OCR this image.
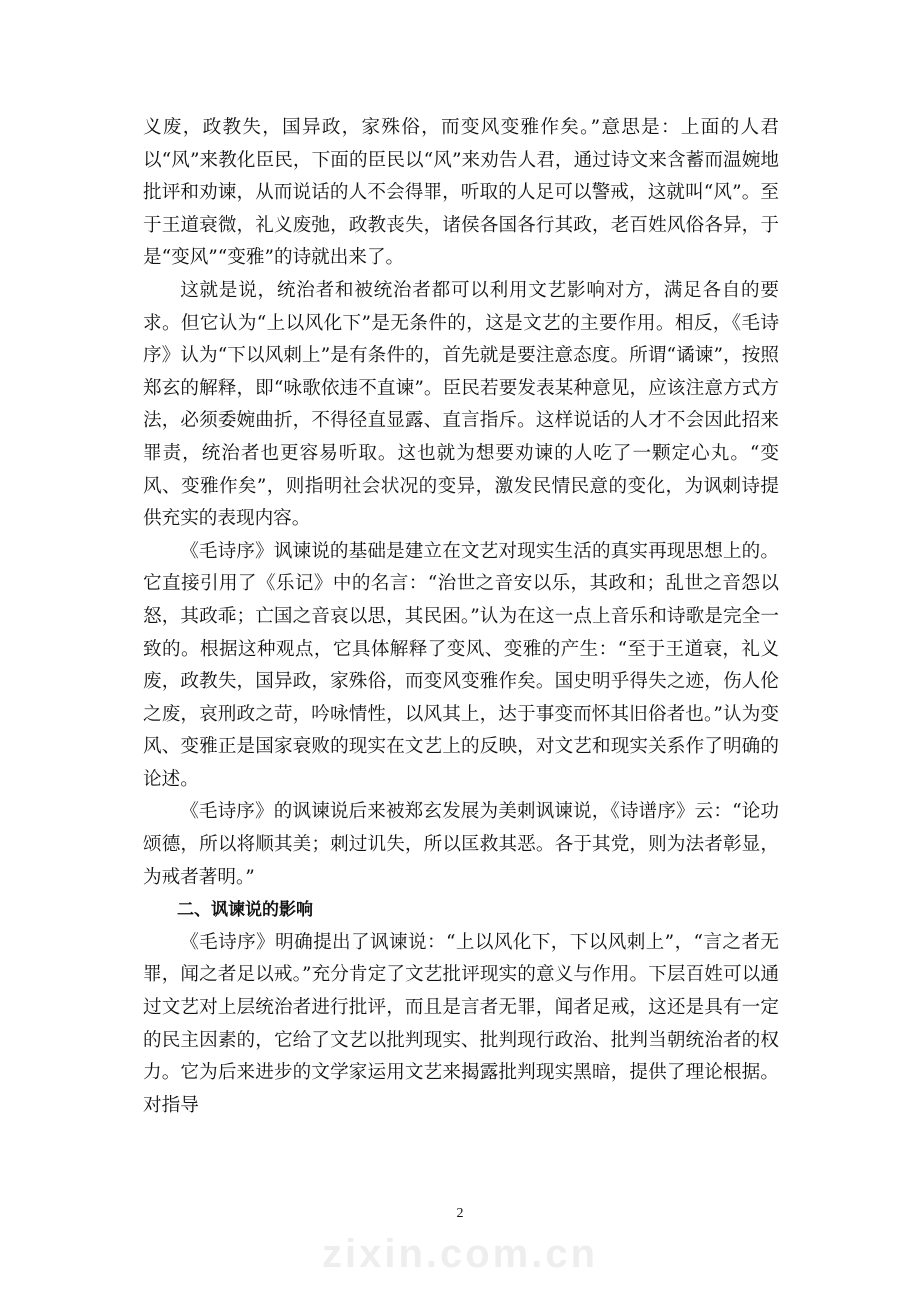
义废，政教失，国异政，家殊俗，而变风变雅作矣。”意思是：上面的人君以“风”来教化臣民，下面的臣民以“风”来劝告人君，通过诗文来含蓄而温婉地批评和劝谏，从而说话的人不会得罪，听取的人足可以警戒，这就叫“风”。至于王道衰微，礼义废弛，政教丧失，诸侯各国各行其政，老百姓风俗各异，于是“变风”“变雅”的诗就出来了。

这就是说，统治者和被统治者都可以利用文艺影响对方，满足各自的要求。但它认为“上以风化下”是无条件的，这是文艺的主要作用。相反，《毛诗序》认为“下以风刺上”是有条件的，首先就是要注意态度。所谓“谲谏”，按照郑玄的解释，即“咏歌依违不直谏”。臣民若要发表某种意见，应该注意方式方法，必须委婉曲折，不得径直显露、直言指斥。这样说话的人才不会因此招来罪责，统治者也更容易听取。这也就为想要劝谏的人吃了一颗定心丸。“变风、变雅作矣”，则指明社会状况的变异，激发民情民意的变化，为讽刺诗提供充实的表现内容。

《毛诗序》讽谏说的基础是建立在文艺对现实生活的真实再现思想上的。它直接引用了《乐记》中的名言：“治世之音安以乐，其政和；乱世之音怨以怒，其政乖；亡国之音哀以思，其民困。”认为在这一点上音乐和诗歌是完全一致的。根据这种观点，它具体解释了变风、变雅的产生：“至于王道衰，礼义废，政教失，国异政，家殊俗，而变风变雅作矣。国史明乎得失之迹，伤人伦之废，哀刑政之苛，吟咏情性，以风其上，达于事变而怀其旧俗者也。”认为变风、变雅正是国家衰败的现实在文艺上的反映，对文艺和现实关系作了明确的论述。

《毛诗序》的讽谏说后来被郑玄发展为美刺讽谏说，《诗谱序》云：“论功颂德，所以将顺其美；刺过讥失，所以匡救其恶。各于其党，则为法者彰显，为戒者著明。”

二、讽谏说的影响

《毛诗序》明确提出了讽谏说：“上以风化下，下以风刺上”，“言之者无罪，闻之者足以戒。”充分肯定了文艺批评现实的意义与作用。下层百姓可以通过文艺对上层统治者进行批评，而且是言者无罪，闻者足戒，这还是具有一定的民主因素的，它给了文艺以批判现实、批判现行政治、批判当朝统治者的权力。它为后来进步的文学家运用文艺来揭露批判现实黑暗，提供了理论根据。对指导

2
zixin.com.cn
